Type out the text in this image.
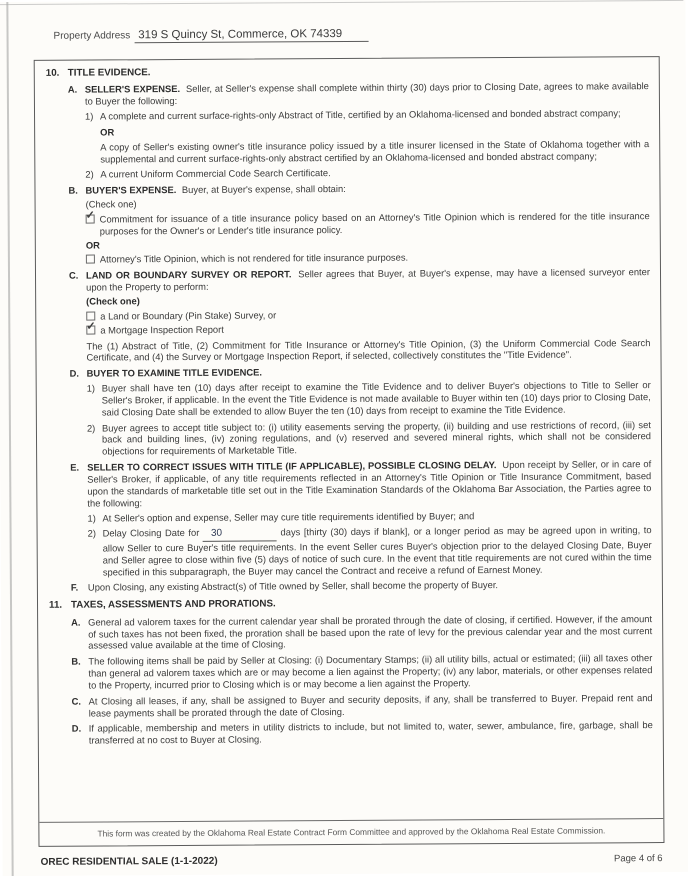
Property Address 319 S Quincy St, Commerce, OK 74339
10. TITLE EVIDENCE.
A. SELLER'S EXPENSE. Seller, at Seller's expense shall complete within thirty (30) days prior to Closing Date, agrees to make available to Buyer the following:
1) A complete and current surface-rights-only Abstract of Title, certified by an Oklahoma-licensed and bonded abstract company;
OR
A copy of Seller's existing owner's title insurance policy issued by a title insurer licensed in the State of Oklahoma together with a supplemental and current surface-rights-only abstract certified by an Oklahoma-licensed and bonded abstract company;
2) A current Uniform Commercial Code Search Certificate.
B. BUYER'S EXPENSE. Buyer, at Buyer's expense, shall obtain:
(Check one)
✓ Commitment for issuance of a title insurance policy based on an Attorney's Title Opinion which is rendered for the title insurance purposes for the Owner's or Lender's title insurance policy.
OR
Attorney's Title Opinion, which is not rendered for title insurance purposes.
C. LAND OR BOUNDARY SURVEY OR REPORT. Seller agrees that Buyer, at Buyer's expense, may have a licensed surveyor enter upon the Property to perform:
(Check one)
a Land or Boundary (Pin Stake) Survey, or
✓ a Mortgage Inspection Report
The (1) Abstract of Title, (2) Commitment for Title Insurance or Attorney's Title Opinion, (3) the Uniform Commercial Code Search Certificate, and (4) the Survey or Mortgage Inspection Report, if selected, collectively constitutes the "Title Evidence".
D. BUYER TO EXAMINE TITLE EVIDENCE.
1) Buyer shall have ten (10) days after receipt to examine the Title Evidence and to deliver Buyer's objections to Title to Seller or Seller's Broker, if applicable. In the event the Title Evidence is not made available to Buyer within ten (10) days prior to Closing Date, said Closing Date shall be extended to allow Buyer the ten (10) days from receipt to examine the Title Evidence.
2) Buyer agrees to accept title subject to: (i) utility easements serving the property, (ii) building and use restrictions of record, (iii) set back and building lines, (iv) zoning regulations, and (v) reserved and severed mineral rights, which shall not be considered objections for requirements of Marketable Title.
E. SELLER TO CORRECT ISSUES WITH TITLE (IF APPLICABLE), POSSIBLE CLOSING DELAY. Upon receipt by Seller, or in care of Seller's Broker, if applicable, of any title requirements reflected in an Attorney's Title Opinion or Title Insurance Commitment, based upon the standards of marketable title set out in the Title Examination Standards of the Oklahoma Bar Association, the Parties agree to the following:
1) At Seller's option and expense, Seller may cure title requirements identified by Buyer; and
2) Delay Closing Date for 30	days [thirty (30) days if blank], or a longer period as may be agreed upon in writing, to allow Seller to cure Buyer's title requirements. In the event Seller cures Buyer's objection prior to the delayed Closing Date, Buyer and Seller agree to close within five (5) days of notice of such cure. In the event that title requirements are not cured within the time specified in this subparagraph, the Buyer may cancel the Contract and receive a refund of Earnest Money.
F.	Upon Closing, any existing Abstract(s) of Title owned by Seller, shall become the property of Buyer.
11. TAXES, ASSESSMENTS AND PRORATIONS.
A. General ad valorem taxes for the current calendar year shall be prorated through the date of closing, if certified. However, if the amount of such taxes has not been fixed, the proration shall be based upon the rate of levy for the previous calendar year and the most current assessed value available at the time of Closing.
B. The following items shall be paid by Seller at Closing: (i) Documentary Stamps; (ii) all utility bills, actual or estimated; (iii) all taxes other than general ad valorem taxes which are or may become a lien against the Property; (iv) any labor, materials, or other expenses related to the Property, incurred prior to Closing which is or may become a lien against the Property.
C. At Closing all leases, if any, shall be assigned to Buyer and security deposits, if any, shall be transferred to Buyer. Prepaid rent and lease payments shall be prorated through the date of Closing.
D. If applicable, membership and meters in utility districts to include, but not limited to, water, sewer, ambulance, fire, garbage, shall be transferred at no cost to Buyer at Closing.
This form was created by the Oklahoma Real Estate Contract Form Committee and approved by the Oklahoma Real Estate Commission.
OREC RESIDENTIAL SALE (1-1-2022)	Page 4 of 6
